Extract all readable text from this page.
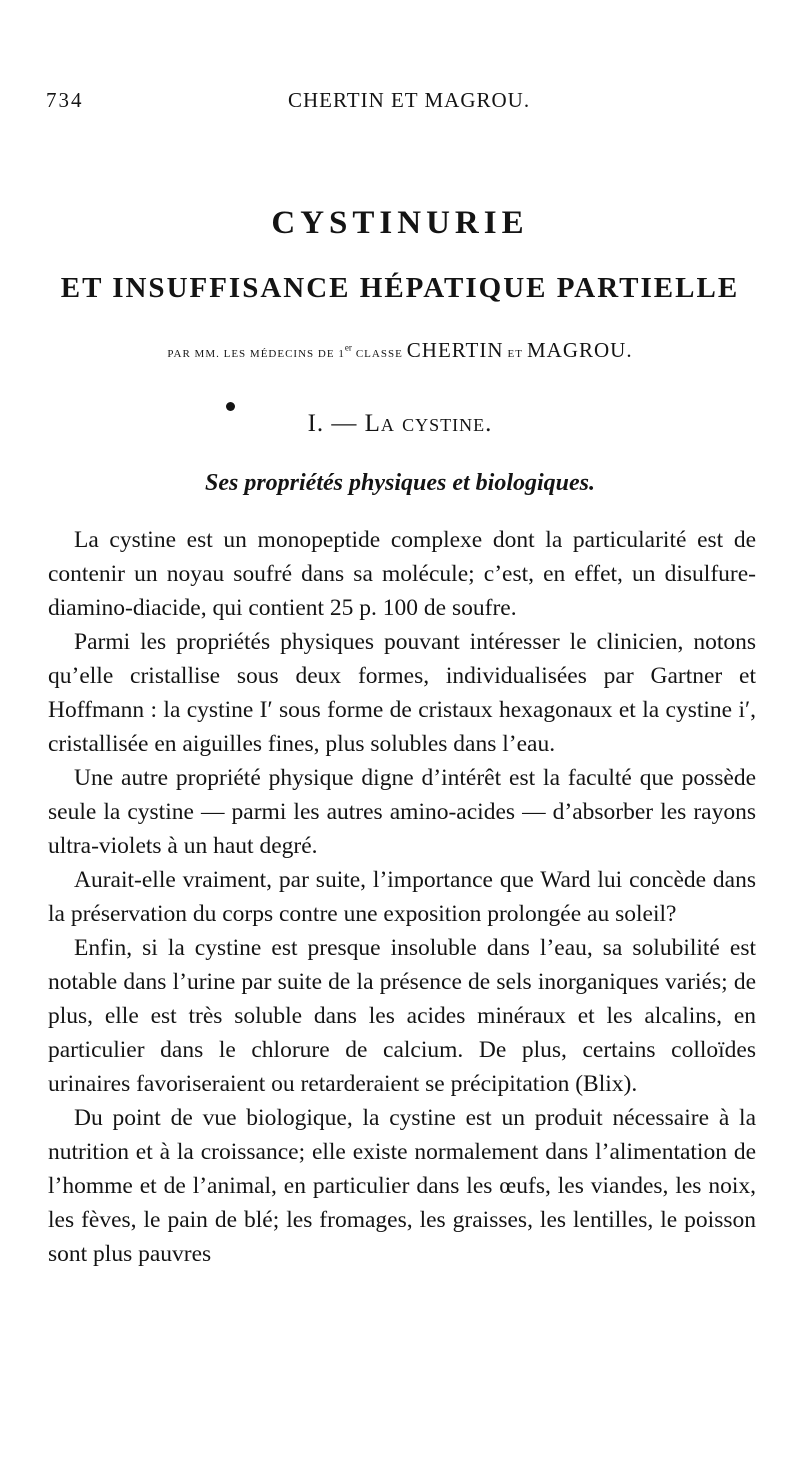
734	CHERTIN ET MAGROU.
CYSTINURIE
ET INSUFFISANCE HÉPATIQUE PARTIELLE
PAR MM. LES MÉDECINS DE 1er CLASSE CHERTIN ET MAGROU.
I. — La cystine.
Ses propriétés physiques et biologiques.

La cystine est un monopeptide complexe dont la particularité est de contenir un noyau soufré dans sa molécule; c’est, en effet, un disulfure-diamino-diacide, qui contient 25 p. 100 de soufre.

Parmi les propriétés physiques pouvant intéresser le clinicien, notons qu’elle cristallise sous deux formes, individualisées par Gartner et Hoffmann : la cystine I′ sous forme de cristaux hexagonaux et la cystine i′, cristallisée en aiguilles fines, plus solubles dans l’eau.

Une autre propriété physique digne d’intérêt est la faculté que possède seule la cystine — parmi les autres amino-acides — d’absorber les rayons ultra-violets à un haut degré.

Aurait-elle vraiment, par suite, l’importance que Ward lui concède dans la préservation du corps contre une exposition prolongée au soleil?

Enfin, si la cystine est presque insoluble dans l’eau, sa solubilité est notable dans l’urine par suite de la présence de sels inorganiques variés; de plus, elle est très soluble dans les acides minéraux et les alcalins, en particulier dans le chlorure de calcium. De plus, certains colloïdes urinaires favoriseraient ou retarderaient se précipitation (Blix).

Du point de vue biologique, la cystine est un produit nécessaire à la nutrition et à la croissance; elle existe normalement dans l’alimentation de l’homme et de l’animal, en particulier dans les œufs, les viandes, les noix, les fèves, le pain de blé; les fromages, les graisses, les lentilles, le poisson sont plus pauvres
